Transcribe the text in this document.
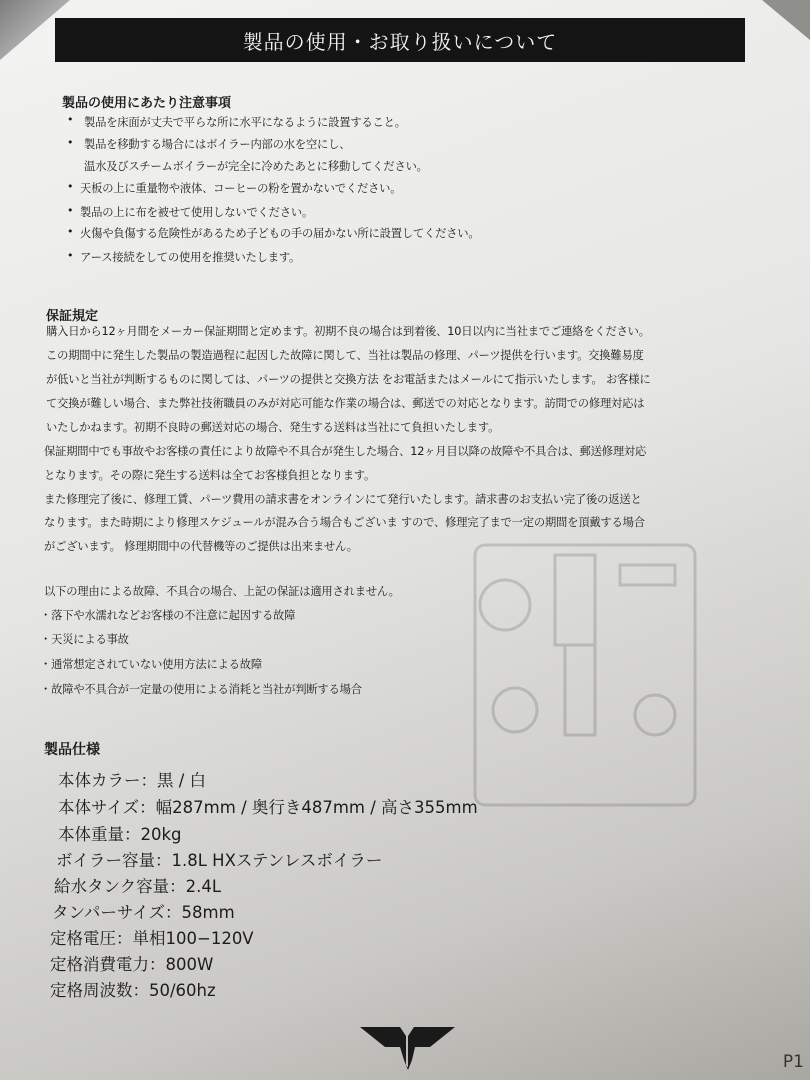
製品の使用・お取り扱いについて
製品の使用にあたり注意事項
• 製品を床面が丈夫で平らな所に水平になるように設置すること。
• 製品を移動する場合にはボイラー内部の水を空にし、
温水及びスチームボイラーが完全に冷めたあとに移動してください。
• 天板の上に重量物や液体、コーヒーの粉を置かないでください。
• 製品の上に布を被せて使用しないでください。
• 火傷や負傷する危険性があるため子どもの手の届かない所に設置してください。
• アース接続をしての使用を推奨いたします。
保証規定
購入日から12ヶ月間をメーカー保証期間と定めます。初期不良の場合は到着後、10日以内に当社までご連絡をください。
この期間中に発生した製品の製造過程に起因した故障に関して、当社は製品の修理、パーツ提供を行います。交換難易度
が低いと当社が判断するものに関しては、パーツの提供と交換方法 をお電話またはメールにて指示いたします。 お客様に
て交換が難しい場合、また弊社技術職員のみが対応可能な作業の場合は、郵送での対応となります。訪問での修理対応は
いたしかねます。初期不良時の郵送対応の場合、発生する送料は当社にて負担いたします。
保証期間中でも事故やお客様の責任により故障や不具合が発生した場合、12ヶ月目以降の故障や不具合は、郵送修理対応
となります。その際に発生する送料は全てお客様負担となります。
また修理完了後に、修理工賃、パーツ費用の請求書をオンラインにて発行いたします。請求書のお支払い完了後の返送と
なります。また時期により修理スケジュールが混み合う場合もございま すので、修理完了まで一定の期間を頂戴する場合
がございます。 修理期間中の代替機等のご提供は出来ません。
以下の理由による故障、不具合の場合、上記の保証は適用されません。
・落下や水濡れなどお客様の不注意に起因する故障
・天災による事故
・通常想定されていない使用方法による故障
・故障や不具合が一定量の使用による消耗と当社が判断する場合
製品仕様
本体カラー：黒 / 白
本体サイズ：幅287mm / 奥行き487mm / 高さ355mm
本体重量：20kg
ボイラー容量：1.8L HXステンレスボイラー
給水タンク容量：2.4L
タンパーサイズ：58mm
定格電圧：単相100−120V
定格消費電力：800W
定格周波数：50/60hz
P1
